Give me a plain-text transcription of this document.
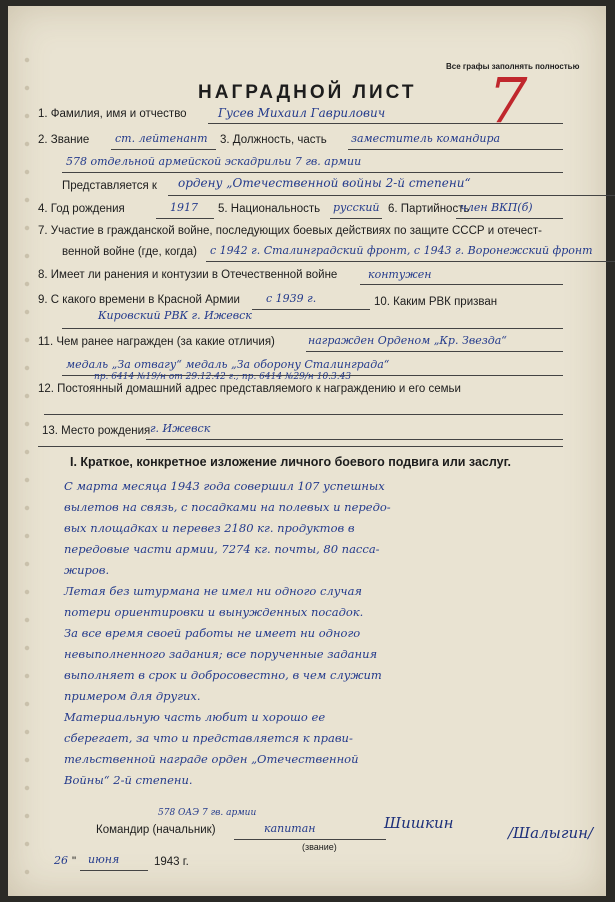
Все графы заполнять полностью
7
НАГРАДНОЙ ЛИСТ
1. Фамилия, имя и отчество	Гусев Михаил Гаврилович
2. Звание ст. лейтенант 3. Должность, часть заместитель командира
578 отдельной армейской эскадрильи 7 гв. армии
Представляется к ордену „Отечественной войны 2-й степени“
4. Год рождения	1917 5. Национальность русский 6. Партийность
член ВКП(б)
7. Участие в гражданской войне, последующих боевых действиях по защите СССР и отечест-
венной войне (где, когда) с 1942 г. Сталинградский фронт, с 1943 г. Воронежский фронт
8. Имеет ли ранения и контузии в Отечественной войне	контужен
9. С какого времени в Красной Армии с 1939 г.	10. Каким РВК призван
Кировский РВК г. Ижевск
11. Чем ранее награжден (за какие отличия)	награжден Орденом „Кр. Звезда“
медаль „За отвагу“ медаль „За оборону Сталинграда“
пр. 6414 №19/н от 29.12.42 г.; пр. 6414 №29/н 10.3.43
12. Постоянный домашний адрес представляемого к награждению и его семьи
13. Место рождения г. Ижевск
I. Краткое, конкретное изложение личного боевого подвига или заслуг.
С марта месяца 1943 года совершил 107 успешных
вылетов на связь, с посадками на полевых и передо-
вых площадках и перевез 2180 кг. продуктов в
передовые части армии, 7274 кг. почты, 80 пасса-
жиров.
Летая без штурмана не имел ни одного случая
потери ориентировки и вынужденных посадок.
За все время своей работы не имеет ни одного
невыполненного задания; все порученные задания
выполняет в срок и добросовестно, в чем служит
примером для других.
Материальную часть любит и хорошо ее
сберегает, за что и представляется к прави-
тельственной награде орден „Отечественной
Войны“ 2-й степени.
578 ОАЭ 7 гв. армии
Командир (начальник)	капитан
(звание)
Шишкин
/Шалыгин/
26 " июня	1943 г.
